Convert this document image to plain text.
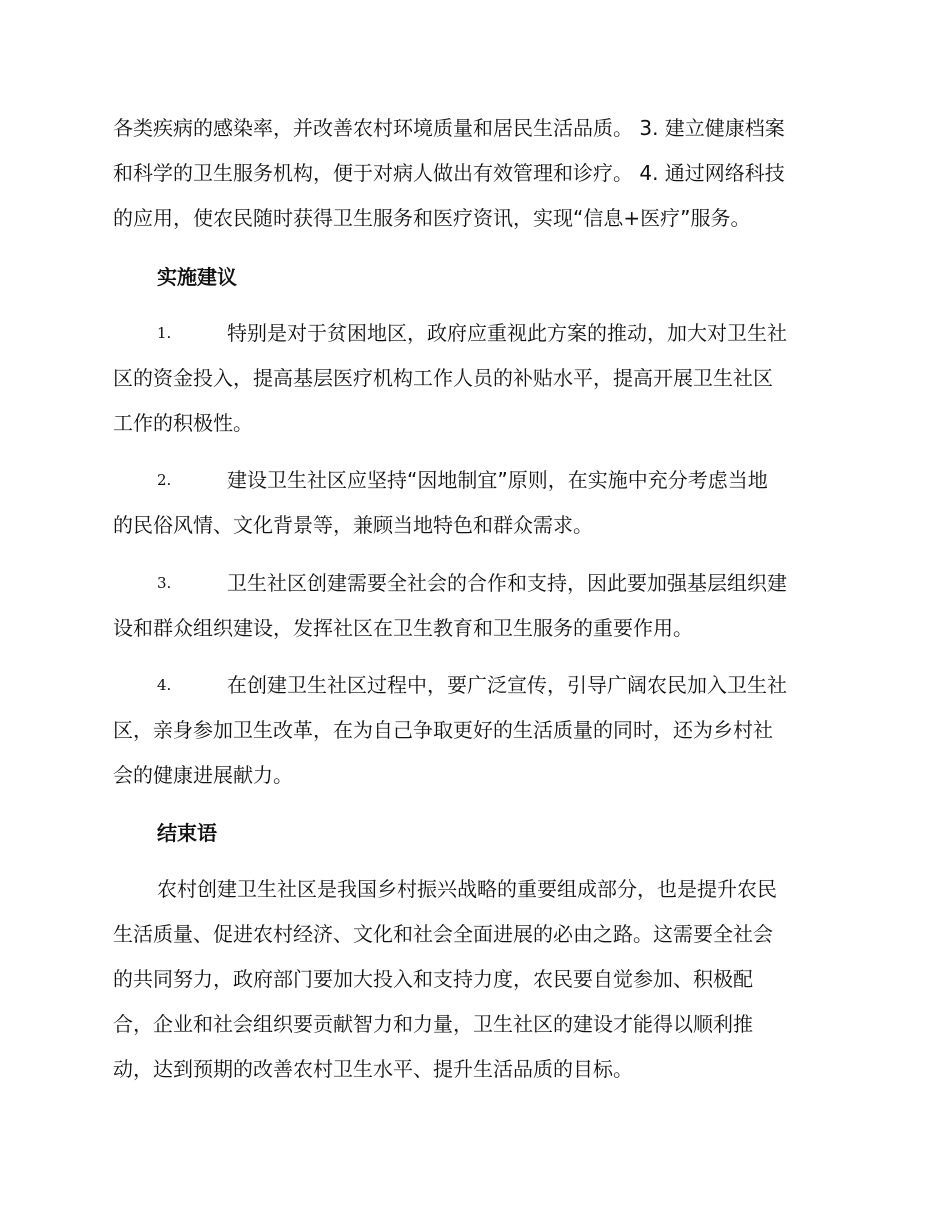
各类疾病的感染率，并改善农村环境质量和居民生活品质。 3. 建立健康档案
和科学的卫生服务机构，便于对病人做出有效管理和诊疗。 4. 通过网络科技
的应用，使农民随时获得卫生服务和医疗资讯，实现“信息+医疗”服务。
实施建议
1.	特别是对于贫困地区，政府应重视此方案的推动，加大对卫生社
区的资金投入，提高基层医疗机构工作人员的补贴水平，提高开展卫生社区
工作的积极性。
2.	建设卫生社区应坚持“因地制宜”原则，在实施中充分考虑当地
的民俗风情、文化背景等，兼顾当地特色和群众需求。
3.	卫生社区创建需要全社会的合作和支持，因此要加强基层组织建
设和群众组织建设，发挥社区在卫生教育和卫生服务的重要作用。
4.	在创建卫生社区过程中，要广泛宣传，引导广阔农民加入卫生社
区，亲身参加卫生改革，在为自己争取更好的生活质量的同时，还为乡村社
会的健康进展献力。
结束语
农村创建卫生社区是我国乡村振兴战略的重要组成部分，也是提升农民
生活质量、促进农村经济、文化和社会全面进展的必由之路。这需要全社会
的共同努力，政府部门要加大投入和支持力度，农民要自觉参加、积极配
合，企业和社会组织要贡献智力和力量，卫生社区的建设才能得以顺利推
动，达到预期的改善农村卫生水平、提升生活品质的目标。
